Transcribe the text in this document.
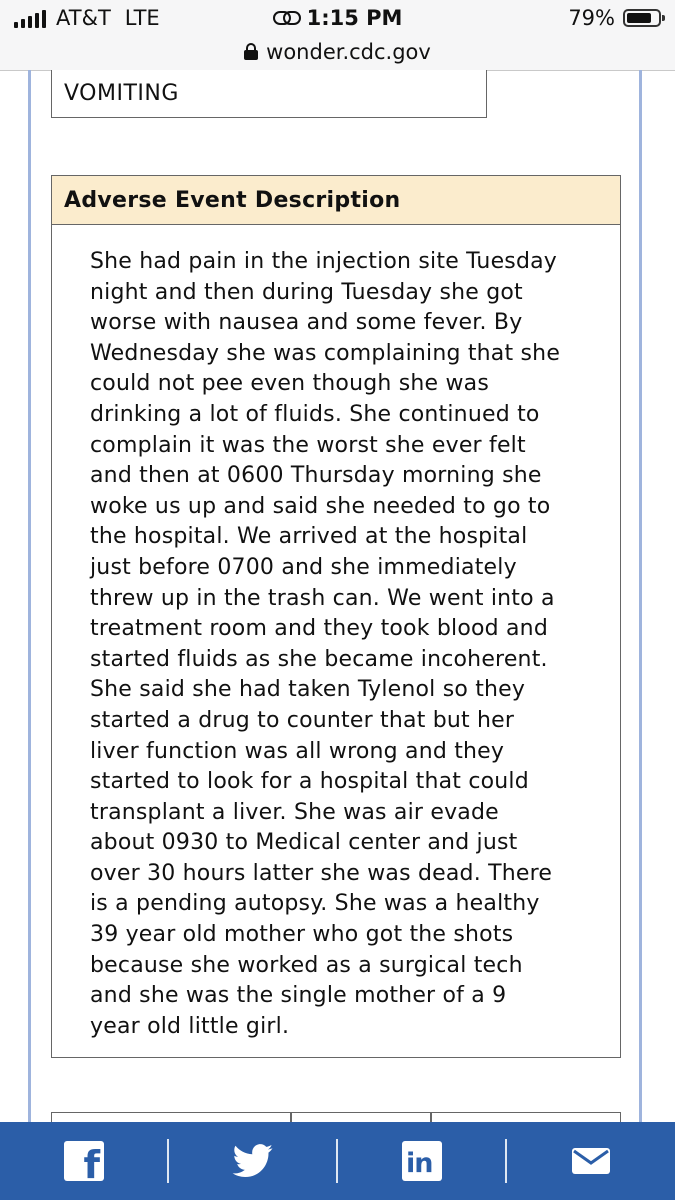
AT&T LTE	1:15 PM	79%
wonder.cdc.gov
VOMITING
Adverse Event Description
She had pain in the injection site Tuesday
night and then during Tuesday she got
worse with nausea and some fever. By
Wednesday she was complaining that she
could not pee even though she was
drinking a lot of fluids. She continued to
complain it was the worst she ever felt
and then at 0600 Thursday morning she
woke us up and said she needed to go to
the hospital. We arrived at the hospital
just before 0700 and she immediately
threw up in the trash can. We went into a
treatment room and they took blood and
started fluids as she became incoherent.
She said she had taken Tylenol so they
started a drug to counter that but her
liver function was all wrong and they
started to look for a hospital that could
transplant a liver. She was air evade
about 0930 to Medical center and just
over 30 hours latter she was dead. There
is a pending autopsy. She was a healthy
39 year old mother who got the shots
because she worked as a surgical tech
and she was the single mother of a 9
year old little girl.
f	in
